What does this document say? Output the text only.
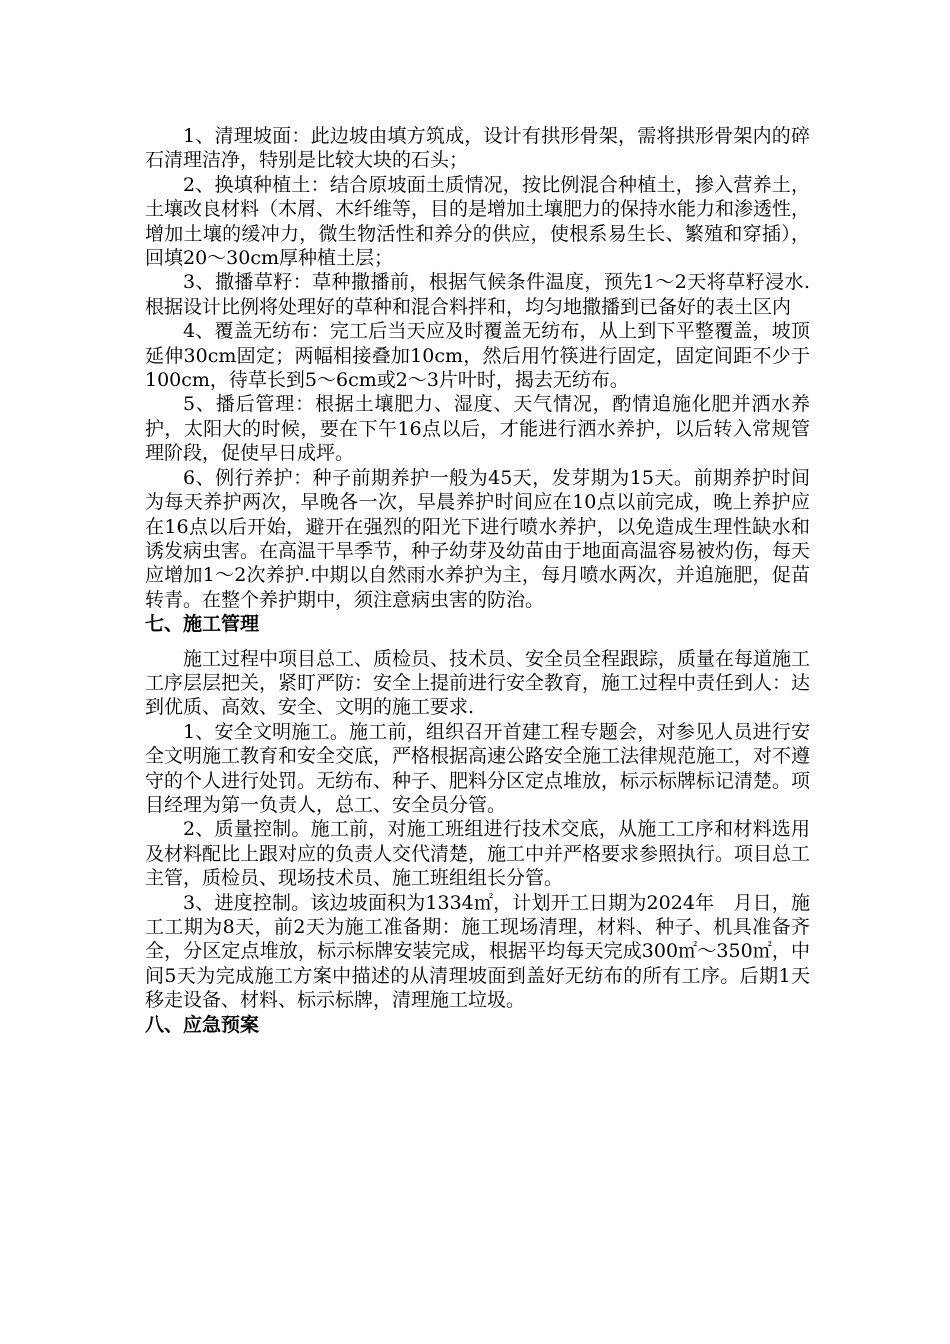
1、清理坡面：此边坡由填方筑成，设计有拱形骨架，需将拱形骨架内的碎石清理洁净，特别是比较大块的石头；

2、换填种植土：结合原坡面土质情况，按比例混合种植土，掺入营养土，土壤改良材料（木屑、木纤维等，目的是增加土壤肥力的保持水能力和渗透性，增加土壤的缓冲力，微生物活性和养分的供应，使根系易生长、繁殖和穿插），回填20～30cm厚种植土层；

3、撒播草籽：草种撒播前，根据气候条件温度，预先1～2天将草籽浸水.根据设计比例将处理好的草种和混合料拌和，均匀地撒播到已备好的表土区内

4、覆盖无纺布：完工后当天应及时覆盖无纺布，从上到下平整覆盖，坡顶延伸30cm固定；两幅相接叠加10cm，然后用竹筷进行固定，固定间距不少于100cm，待草长到5～6cm或2～3片叶时，揭去无纺布。

5、播后管理：根据土壤肥力、湿度、天气情况，酌情追施化肥并洒水养护，太阳大的时候，要在下午16点以后，才能进行洒水养护，以后转入常规管理阶段，促使早日成坪。

6、例行养护：种子前期养护一般为45天，发芽期为15天。前期养护时间为每天养护两次，早晚各一次，早晨养护时间应在10点以前完成，晚上养护应在16点以后开始，避开在强烈的阳光下进行喷水养护，以免造成生理性缺水和诱发病虫害。在高温干旱季节，种子幼芽及幼苗由于地面高温容易被灼伤，每天应增加1～2次养护.中期以自然雨水养护为主，每月喷水两次，并追施肥，促苗转青。在整个养护期中，须注意病虫害的防治。

七、施工管理

施工过程中项目总工、质检员、技术员、安全员全程跟踪，质量在每道施工工序层层把关，紧盯严防：安全上提前进行安全教育，施工过程中责任到人：达到优质、高效、安全、文明的施工要求.

1、安全文明施工。施工前，组织召开首建工程专题会，对参见人员进行安全文明施工教育和安全交底，严格根据高速公路安全施工法律规范施工，对不遵守的个人进行处罚。无纺布、种子、肥料分区定点堆放，标示标牌标记清楚。项目经理为第一负责人，总工、安全员分管。

2、质量控制。施工前，对施工班组进行技术交底，从施工工序和材料选用及材料配比上跟对应的负责人交代清楚，施工中并严格要求参照执行。项目总工主管，质检员、现场技术员、施工班组组长分管。

3、进度控制。该边坡面积为1334㎡，计划开工日期为2024年　月日，施工工期为8天，前2天为施工准备期：施工现场清理，材料、种子、机具准备齐全，分区定点堆放，标示标牌安装完成，根据平均每天完成300㎡～350㎡，中间5天为完成施工方案中描述的从清理坡面到盖好无纺布的所有工序。后期1天移走设备、材料、标示标牌，清理施工垃圾。

八、应急预案
